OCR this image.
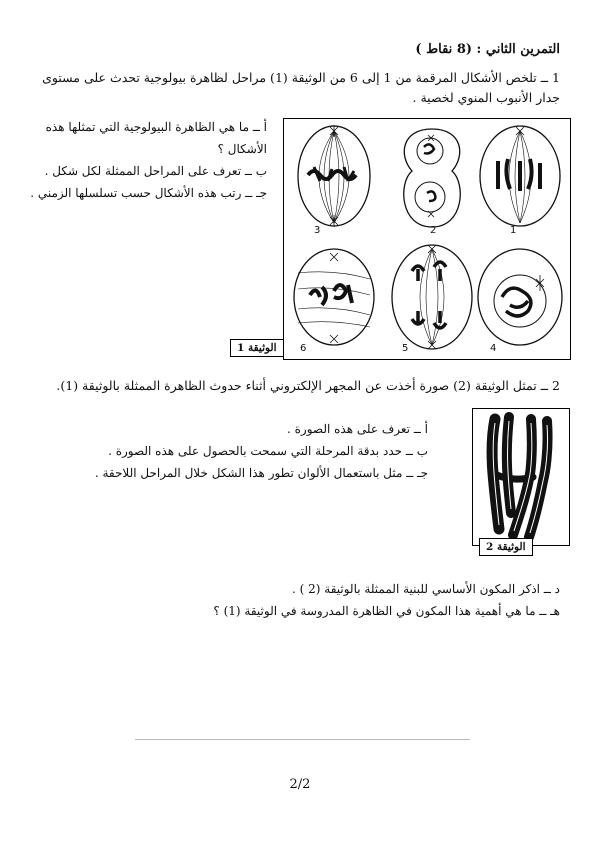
التمرين الثاني : (8 نقاط )
1 ــ تلخص الأشكال المرقمة من 1 إلى 6 من الوثيقة (1) مراحل لظاهرة بيولوجية تحدث على مستوى جدار الأنبوب المنوي لخصية .
أ ــ ما هي الظاهرة البيولوجية التي تمثلها هذه الأشكال ؟
ب ــ تعرف على المراحل الممثلة لكل شكل .
جـ ــ رتب هذه الأشكال حسب تسلسلها الزمني .
3	2	1
6	5	4
الوثيقة 1
2 ــ تمثل الوثيقة (2) صورة أخذت عن المجهر الإلكتروني أثناء حدوث الظاهرة الممثلة بالوثيقة (1).
أ ــ تعرف على هذه الصورة .
ب ــ حدد بدقة المرحلة التي سمحت بالحصول على هذه الصورة .
جـ ــ مثل باستعمال الألوان تطور هذا الشكل خلال المراحل اللاحقة .
الوثيقة 2
د ــ اذكر المكون الأساسي للبنية الممثلة بالوثيقة (2 ) .
هـ ــ ما هي أهمية هذا المكون في الظاهرة المدروسة في الوثيقة (1) ؟
2/2
